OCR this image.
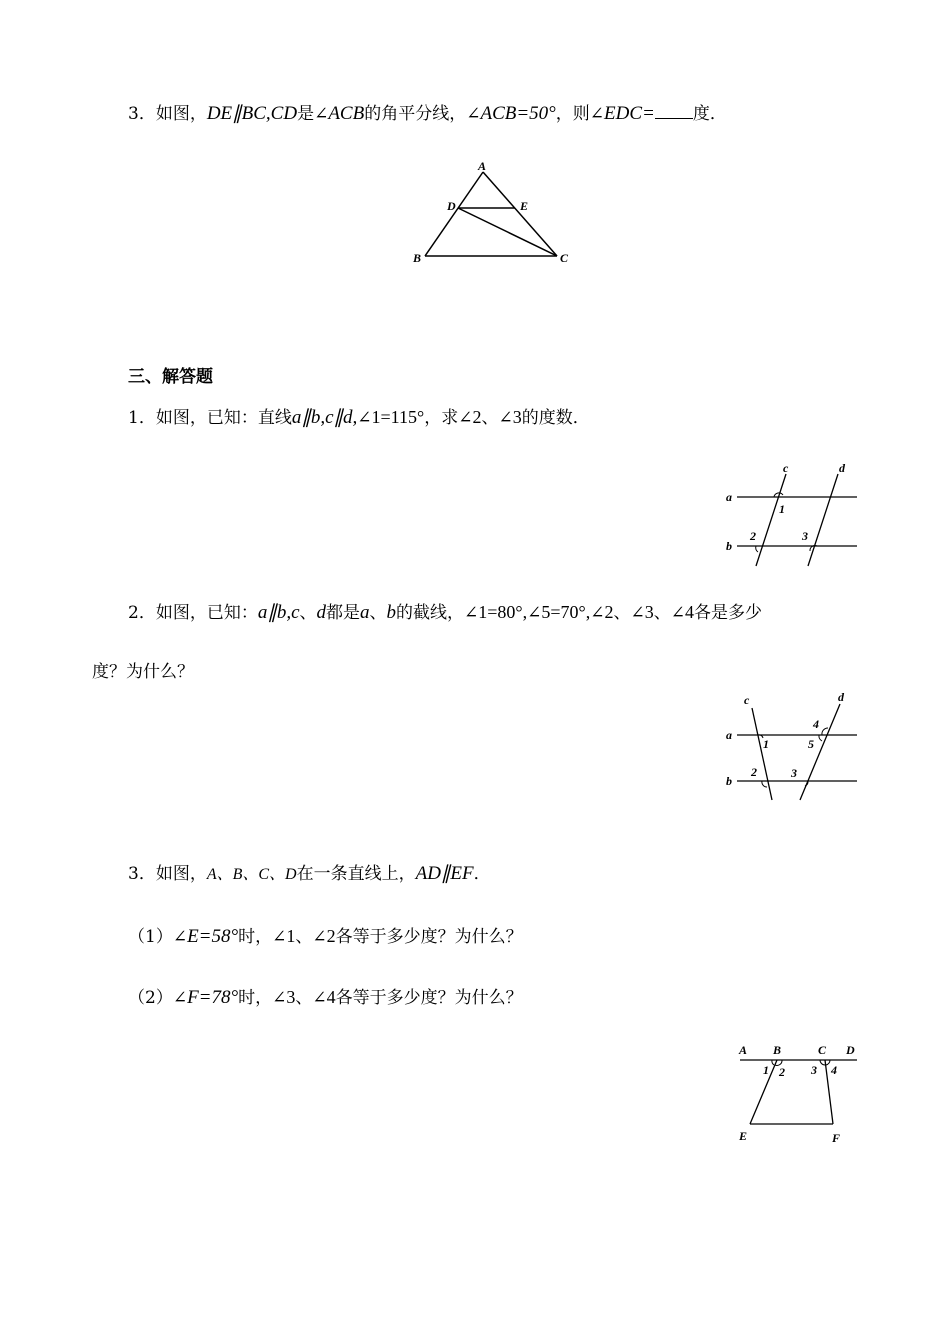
3．如图，DE∥BC,CD是∠ACB的角平分线，∠ACB=50°，则∠EDC= 度．
A
D	E
B	C
三、解答题
1．如图，已知：直线a∥b,c∥d,∠1=115°，求∠2、∠3的度数．
a
b
c	d
1
2	3
2．如图，已知：a∥b,c、d都是a、b的截线，∠1=80°,∠5=70°,∠2、∠3、∠4各是多少
度？为什么？
a
b
c	d
1
2	3
4
5
3．如图，A、B、C、D在一条直线上，AD∥EF．
（1）∠E=58°时，∠1、∠2各等于多少度？为什么？
（2）∠F=78°时，∠3、∠4各等于多少度？为什么？
A B	C D
1 2 3 4
E	F
